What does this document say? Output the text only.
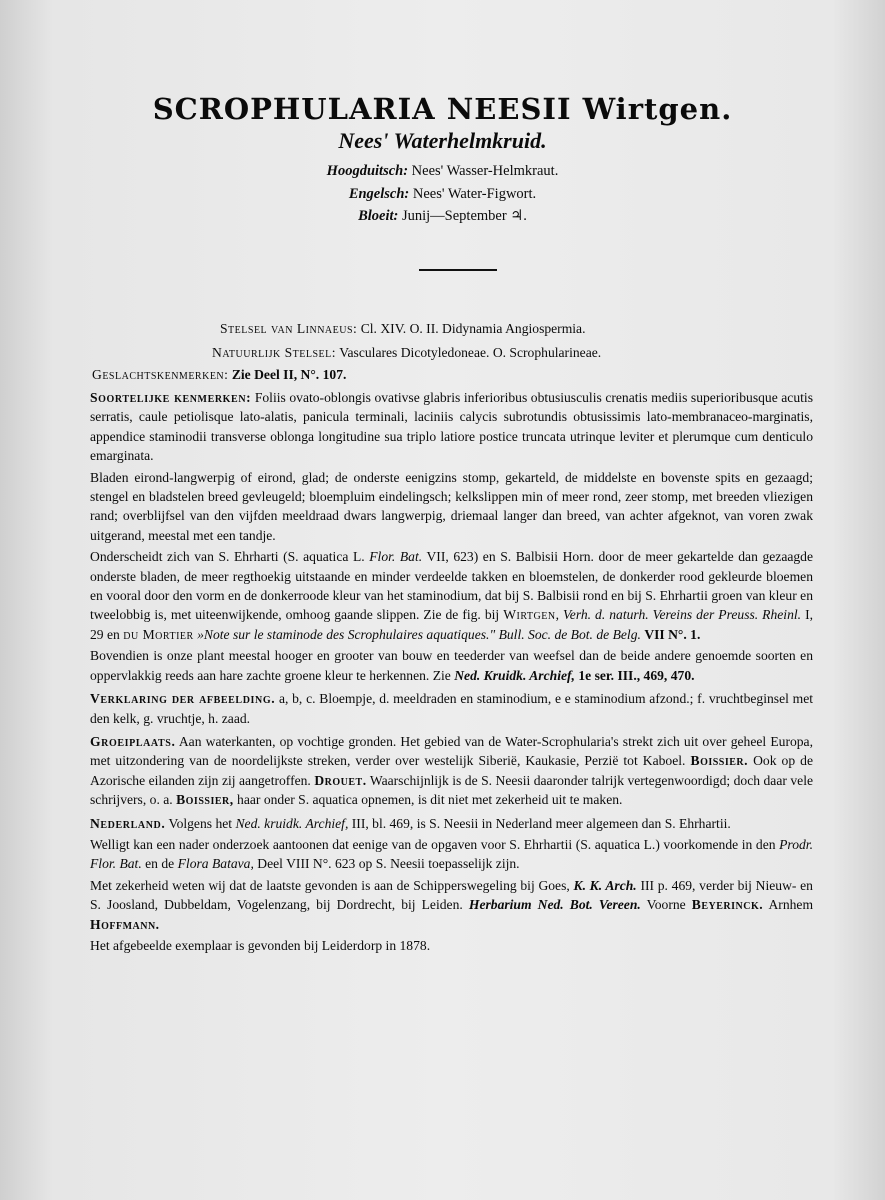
SCROPHULARIA NEESII Wirtgen.
Nees' Waterhelmkruid.
Hoogduitsch: Nees' Wasser-Helmkraut.
Engelsch: Nees' Water-Figwort.
Bloeit: Junij—September ♃.
Stelsel van Linnaeus: Cl. XIV. O. II. Didynamia Angiospermia.
Natuurlijk Stelsel: Vasculares Dicotyledoneae. O. Scrophularineae.
Geslachtskenmerken: Zie Deel II, N°. 107.

Soortelijke kenmerken: Foliis ovato-oblongis ovativse glabris inferioribus obtusiusculis crenatis mediis superioribusque acutis serratis, caule petiolisque lato-alatis, panicula terminali, laciniis calycis subrotundis obtusissimis lato-membranaceo-marginatis, appendice staminodii transverse oblonga longitudine sua triplo latiore postice truncata utrinque leviter et plerumque cum denticulo emarginata.

Bladen eirond-langwerpig of eirond, glad; de onderste eenigzins stomp, gekarteld, de middelste en bovenste spits en gezaagd; stengel en bladstelen breed gevleugeld; bloempluim eindelingsch; kelkslippen min of meer rond, zeer stomp, met breeden vliezigen rand; overblijfsel van den vijfden meeldraad dwars langwerpig, driemaal langer dan breed, van achter afgeknot, van voren zwak uitgerand, meestal met een tandje.

Onderscheidt zich van S. Ehrharti (S. aquatica L. Flor. Bat. VII, 623) en S. Balbisii Horn. door de meer gekartelde dan gezaagde onderste bladen, de meer regthoekig uitstaande en minder verdeelde takken en bloemstelen, de donkerder rood gekleurde bloemen en vooral door den vorm en de donkerroode kleur van het staminodium, dat bij S. Balbisii rond en bij S. Ehrhartii groen van kleur en tweelobbig is, met uiteenwijkende, omhoog gaande slippen. Zie de fig. bij Wirtgen, Verh. d. naturh. Vereins der Preuss. Rheinl. I, 29 en du Mortier »Note sur le staminode des Scrophulaires aquatiques." Bull. Soc. de Bot. de Belg. VII N°. 1.

Bovendien is onze plant meestal hooger en grooter van bouw en teederder van weefsel dan de beide andere genoemde soorten en oppervlakkig reeds aan hare zachte groene kleur te herkennen. Zie Ned. Kruidk. Archief, 1e ser. III., 469, 470.

Verklaring der afbeelding. a, b, c. Bloempje, d. meeldraden en staminodium, e e staminodium afzond.; f. vruchtbeginsel met den kelk, g. vruchtje, h. zaad.

Groeiplaats. Aan waterkanten, op vochtige gronden. Het gebied van de Water-Scrophularia's strekt zich uit over geheel Europa, met uitzondering van de noordelijkste streken, verder over westelijk Siberië, Kaukasie, Perzië tot Kaboel. Boissier. Ook op de Azorische eilanden zijn zij aangetroffen. Drouet. Waarschijnlijk is de S. Neesii daaronder talrijk vertegenwoordigd; doch daar vele schrijvers, o. a. Boissier, haar onder S. aquatica opnemen, is dit niet met zekerheid uit te maken.

Nederland. Volgens het Ned. kruidk. Archief, III, bl. 469, is S. Neesii in Nederland meer algemeen dan S. Ehrhartii.

Welligt kan een nader onderzoek aantoonen dat eenige van de opgaven voor S. Ehrhartii (S. aquatica L.) voorkomende in den Prodr. Flor. Bat. en de Flora Batava, Deel VIII N°. 623 op S. Neesii toepasselijk zijn.

Met zekerheid weten wij dat de laatste gevonden is aan de Schipperswegeling bij Goes, K. K. Arch. III p. 469, verder bij Nieuw- en S. Joosland, Dubbeldam, Vogelenzang, bij Dordrecht, bij Leiden. Herbarium Ned. Bot. Vereen. Voorne Beyerinck. Arnhem Hoffmann.

Het afgebeelde exemplaar is gevonden bij Leiderdorp in 1878.
